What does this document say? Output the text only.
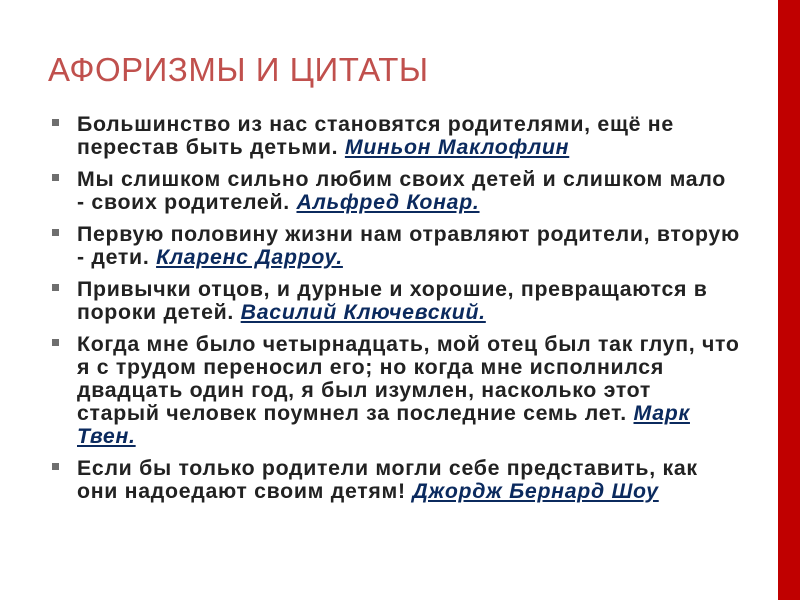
АФОРИЗМЫ И ЦИТАТЫ
Большинство из нас становятся родителями, ещё не перестав быть детьми. Миньон Маклофлин
Мы слишком сильно любим своих детей и слишком мало - своих родителей. Альфред Конар.
Первую половину жизни нам отравляют родители, вторую - дети. Кларенс Дарроу.
Привычки отцов, и дурные и хорошие, превращаются в пороки детей. Василий Ключевский.
Когда мне было четырнадцать, мой отец был так глуп, что я с трудом переносил его; но когда мне исполнился двадцать один год, я был изумлен, насколько этот старый человек поумнел за последние семь лет. Марк Твен.
Если бы только родители могли себе представить, как они надоедают своим детям! Джордж Бернард Шоу
